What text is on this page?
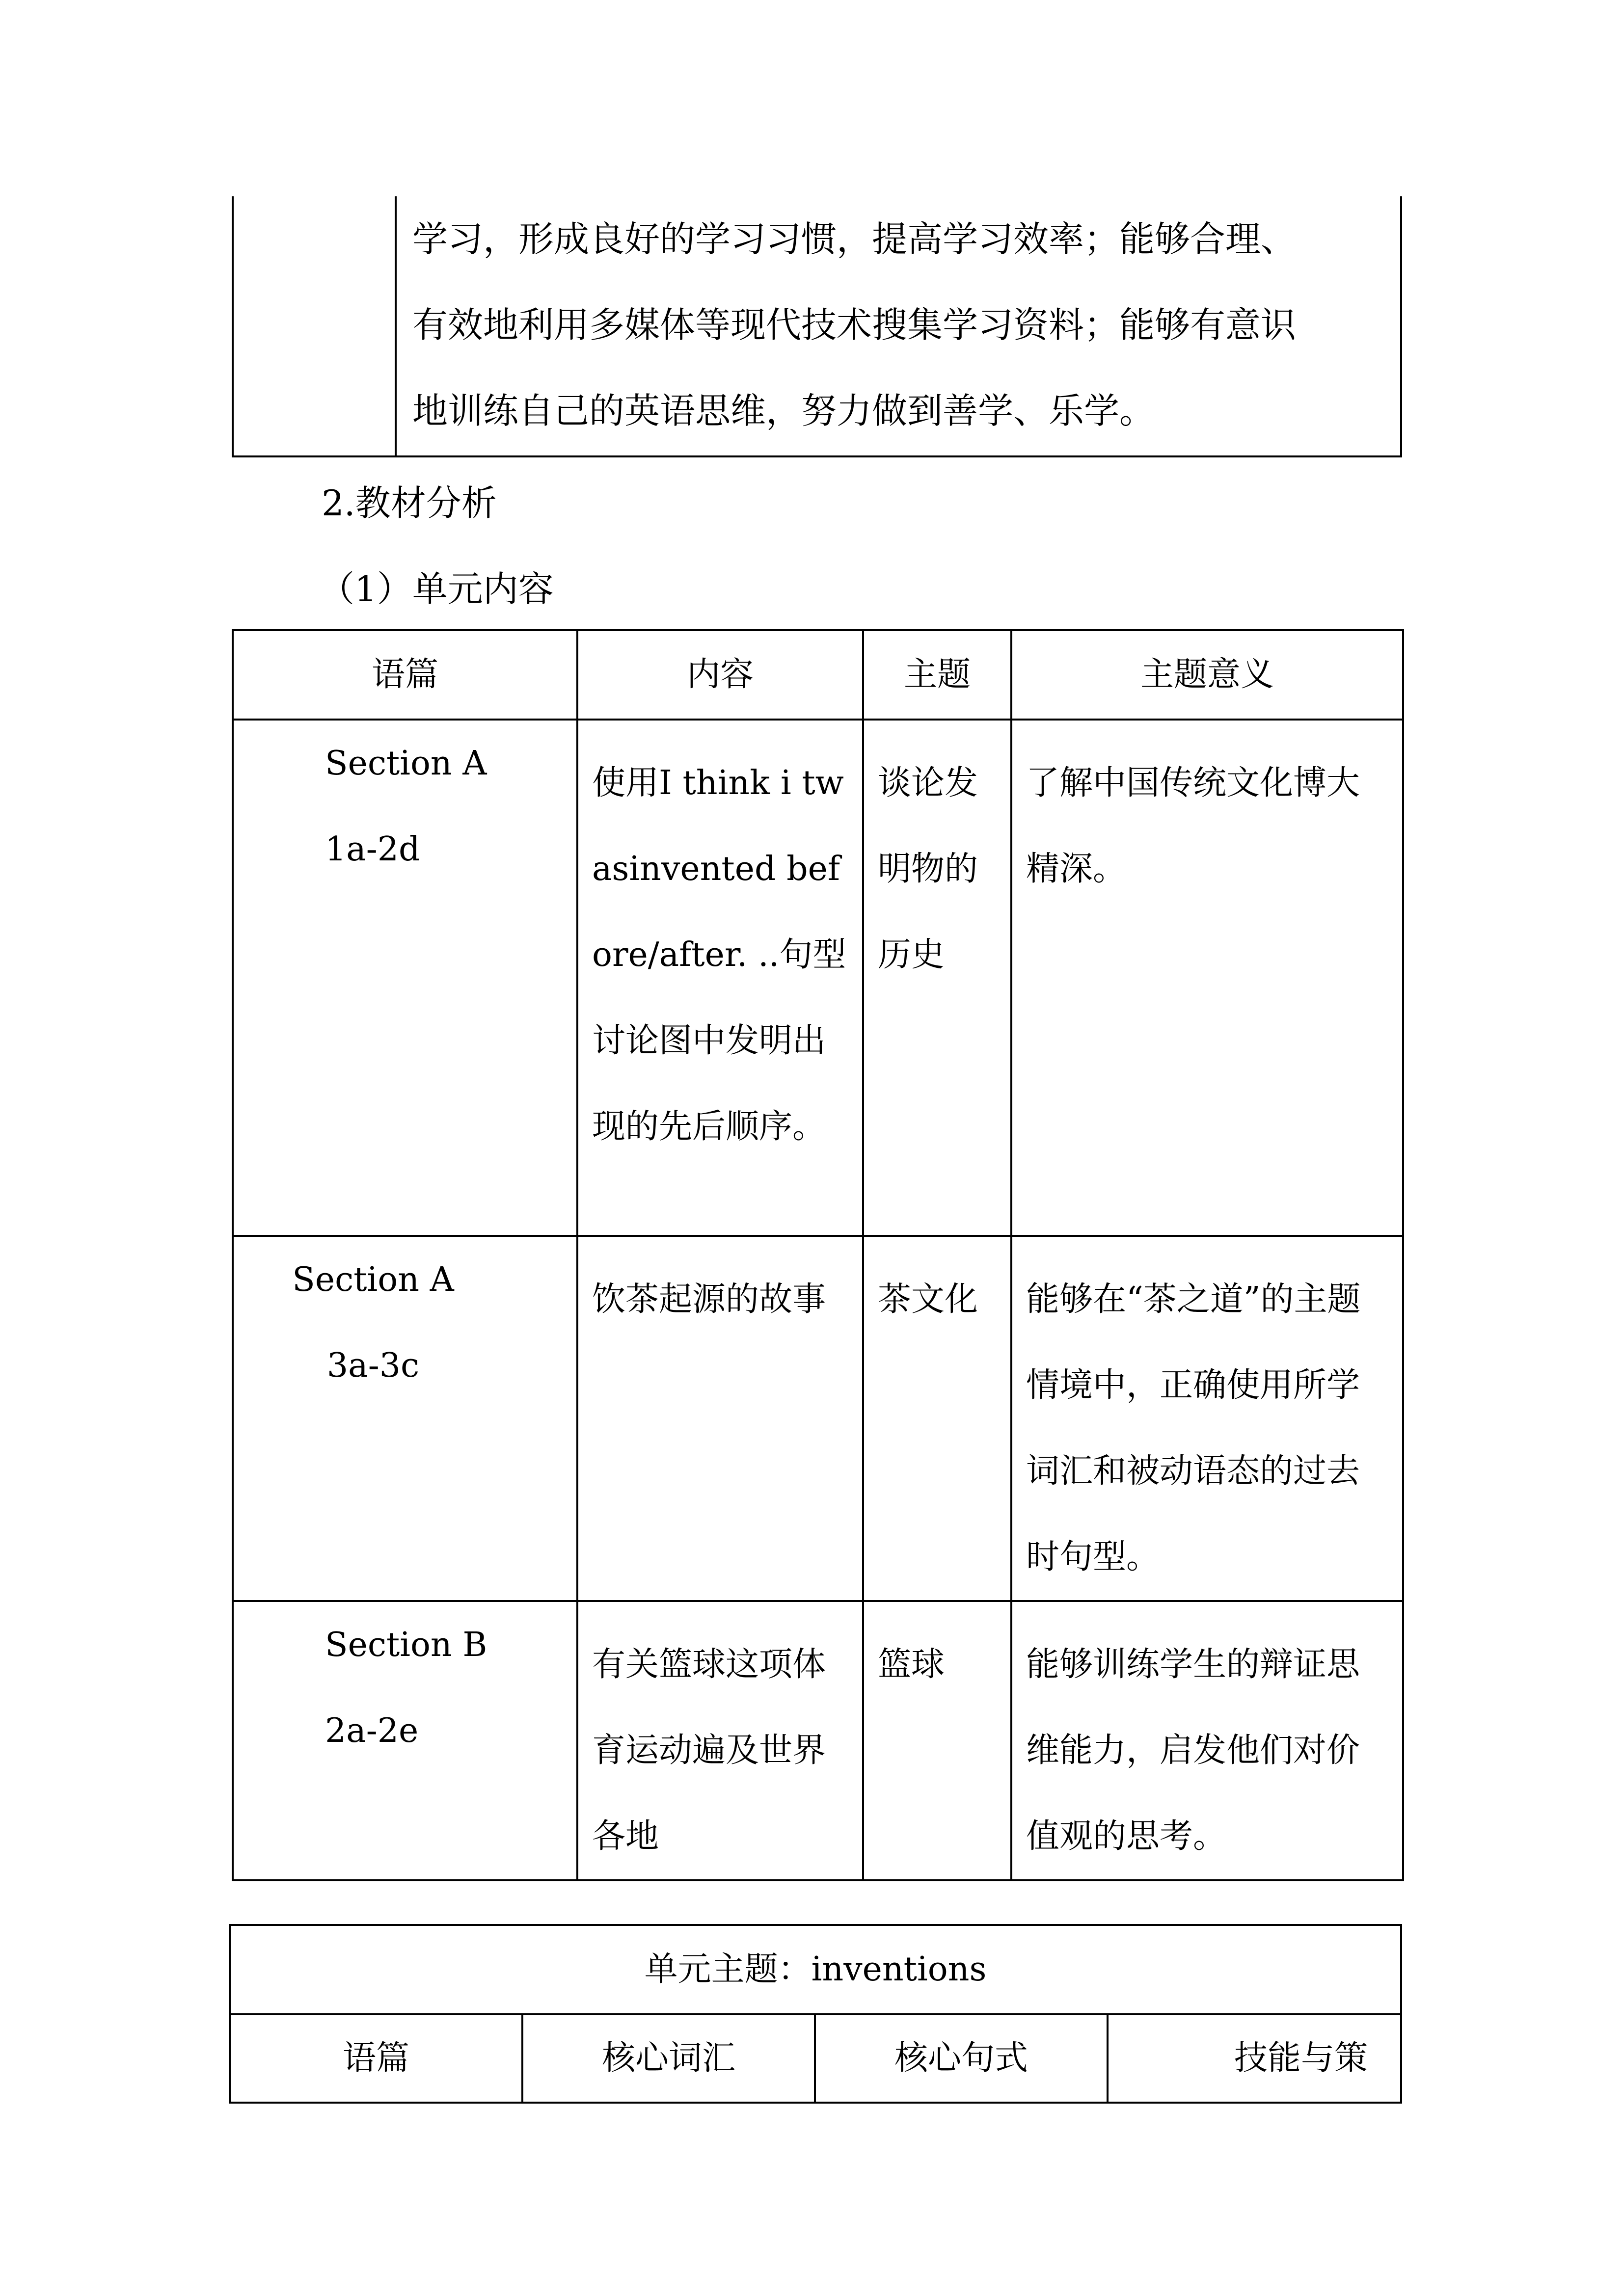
学习，形成良好的学习习惯，提高学习效率；能够合理、
有效地利用多媒体等现代技术搜集学习资料；能够有意识
地训练自己的英语思维，努力做到善学、乐学。
2.教材分析
（1）单元内容
语篇	内容	主题	主题意义

Section A
1a-2d	使用I think i twasinvented before/after. ..句型讨论图中发明出现的先后顺序。	谈论发明物的历史	了解中国传统文化博大精深。

Section A
3a-3c	饮茶起源的故事	茶文化	能够在“茶之道”的主题情境中，正确使用所学词汇和被动语态的过去时句型。

Section B
2a-2e	有关篮球这项体育运动遍及世界各地	篮球	能够训练学生的辩证思维能力，启发他们对价值观的思考。
单元主题：inventions
语篇	核心词汇	核心句式	技能与策
